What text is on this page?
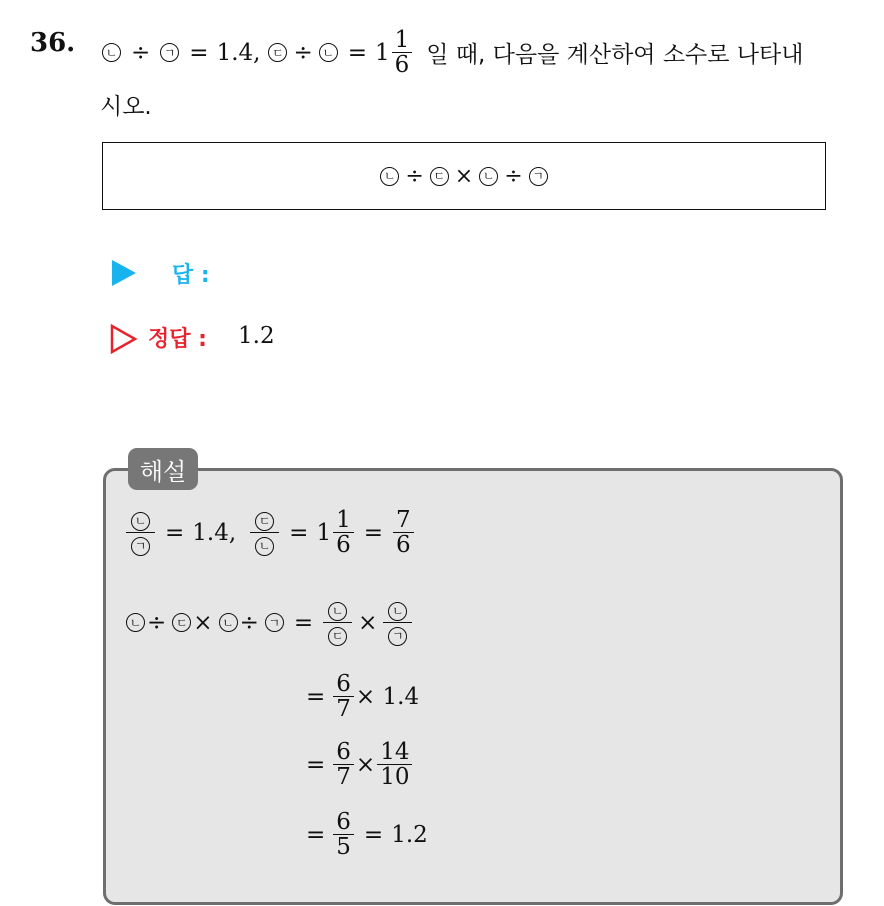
36.	ㄴ ÷	ㄱ = 1.4, ㄷ ÷ ㄴ = $1 \frac{1}{6}$ 일 때, 다음을 계산하여 소수로 나타내
시오.
ㄴ ÷ ㄷ × ㄴ ÷ ㄱ
답 :
정답 : 1.2
해설
$\frac{\text{ㄴ}}{\text{ㄱ}} = 1.4$, $\frac{\text{ㄷ}}{\text{ㄴ}} = 1 \frac{1}{6} = \frac{7}{6}$
ㄴ ÷ ㄷ × ㄴ ÷ ㄱ = $\frac{\text{ㄴ}}{\text{ㄷ}} \times \frac{\text{ㄴ}}{\text{ㄱ}}$
= $\frac{6}{7} \times 1.4$
= $\frac{6}{7} \times \frac{14}{10}$
= $\frac{6}{5} = 1.2$
